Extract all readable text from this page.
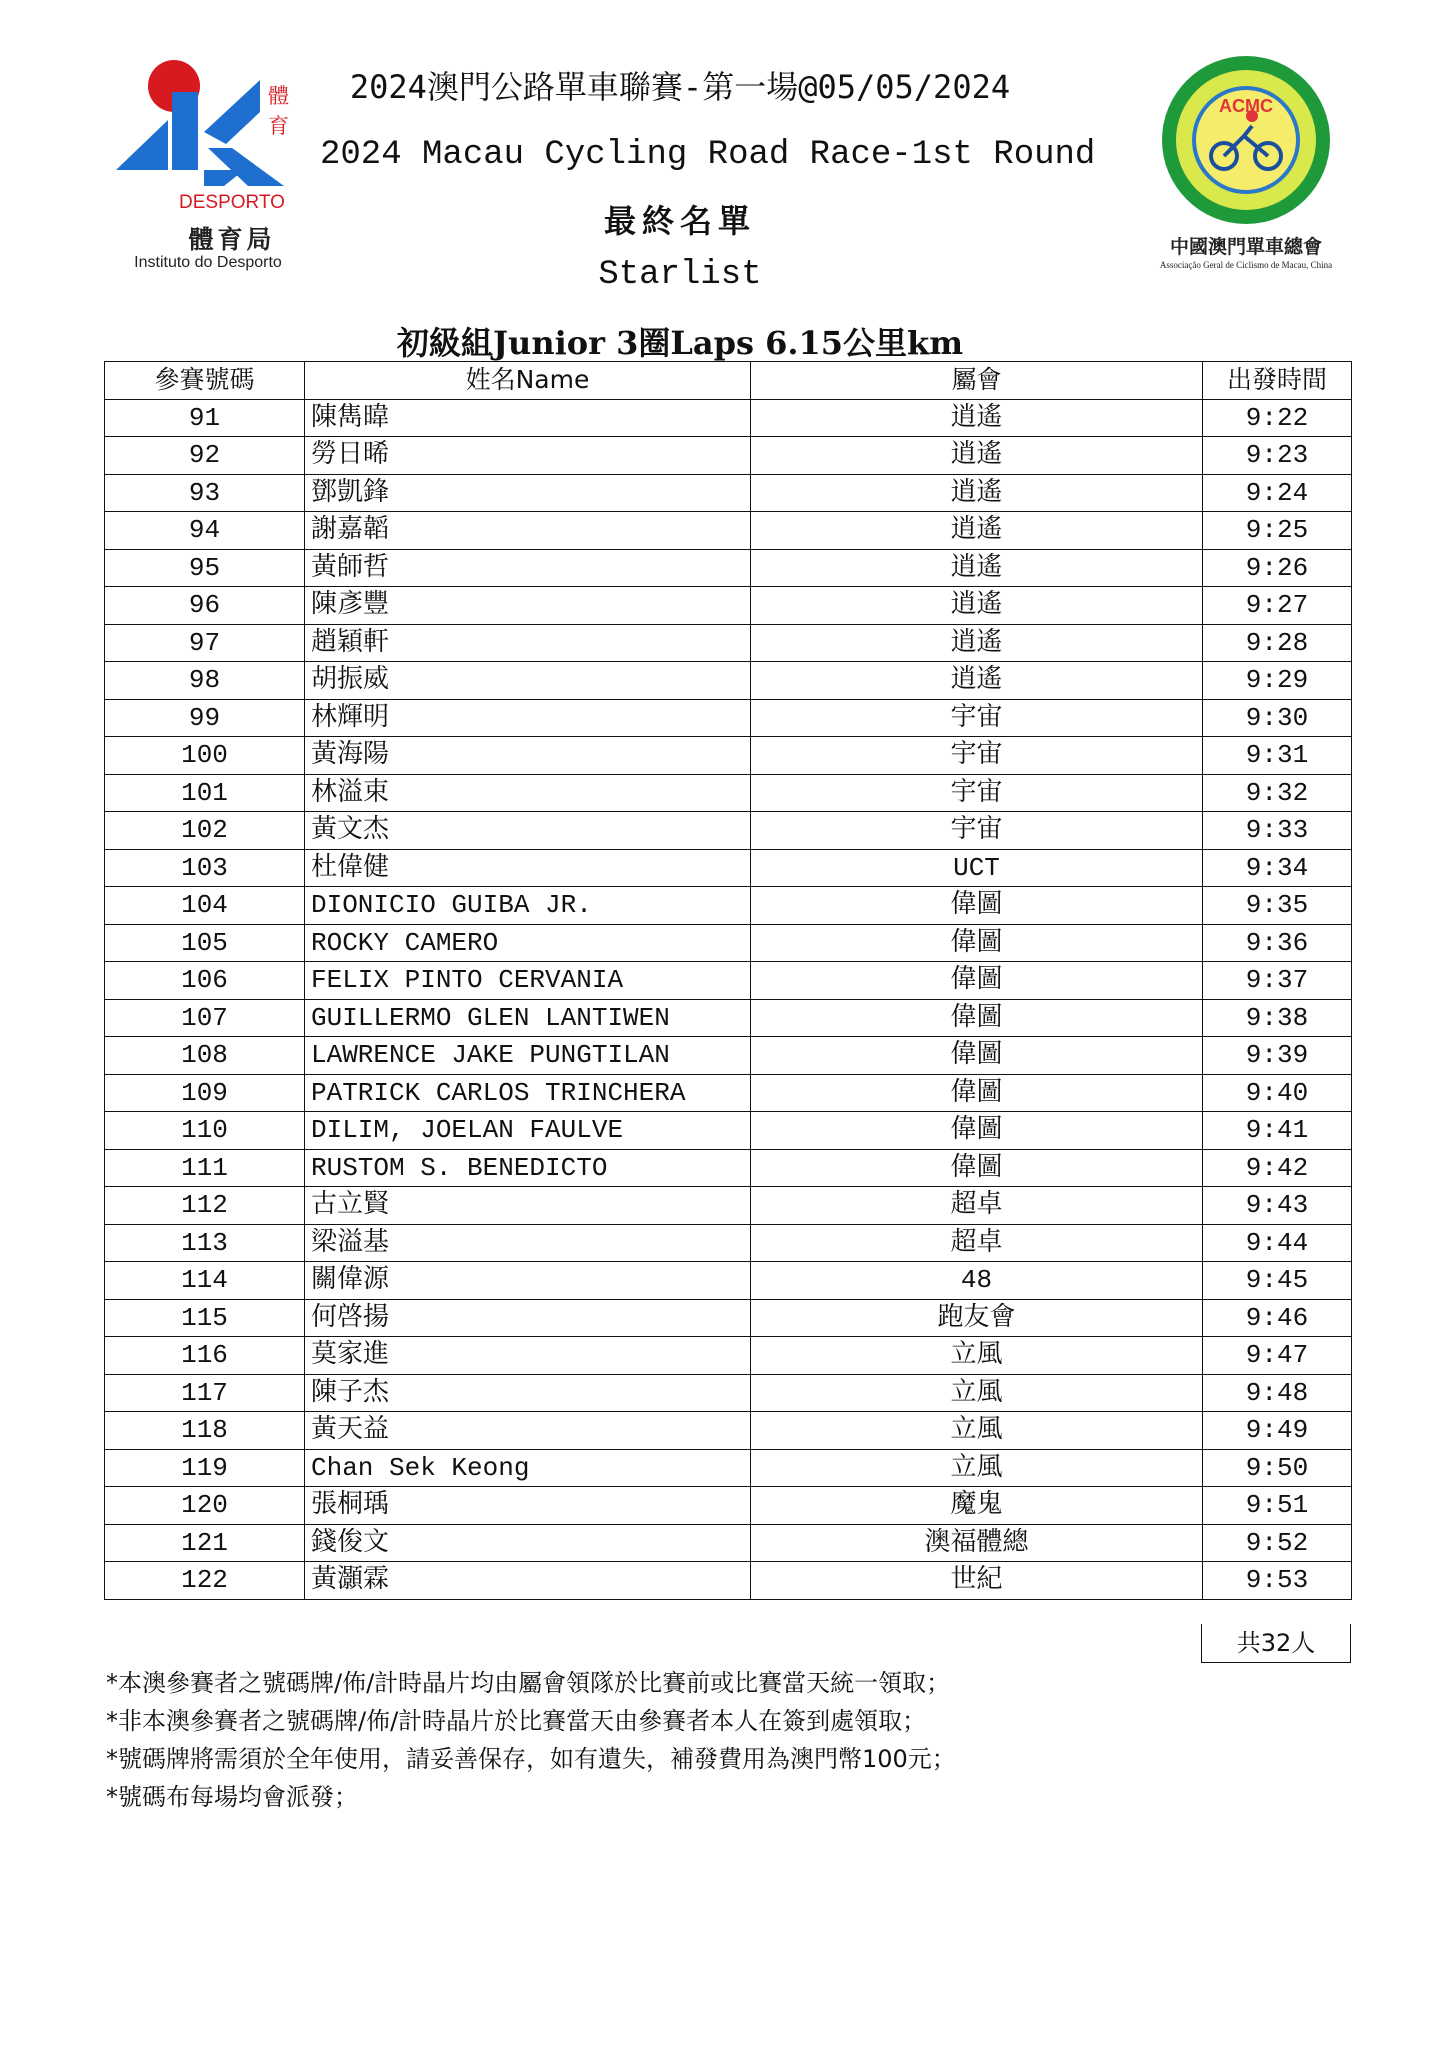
體
育
DESPORTO
體育局
Instituto do Desporto
2024澳門公路單車聯賽-第一場@05/05/2024
2024 Macau Cycling Road Race-1st Round
最終名單
Starlist
ACMC
中國澳門單車總會
Associação Geral de Ciclismo de Macau, China
初級組Junior 3圈Laps 6.15公里km
參賽號碼	姓名Name	屬會	出發時間
91	陳雋暐	逍遙	9:22
92	勞日晞	逍遙	9:23
93	鄧凱鋒	逍遙	9:24
94	謝嘉韜	逍遙	9:25
95	黃師哲	逍遙	9:26
96	陳彥豐	逍遙	9:27
97	趙穎軒	逍遙	9:28
98	胡振威	逍遙	9:29
99	林輝明	宇宙	9:30
100	黃海陽	宇宙	9:31
101	林溢束	宇宙	9:32
102	黃文杰	宇宙	9:33
103	杜偉健	UCT	9:34
104	DIONICIO GUIBA JR.	偉圖	9:35
105	ROCKY CAMERO	偉圖	9:36
106	FELIX PINTO CERVANIA	偉圖	9:37
107	GUILLERMO GLEN LANTIWEN	偉圖	9:38
108	LAWRENCE JAKE PUNGTILAN	偉圖	9:39
109	PATRICK CARLOS TRINCHERA	偉圖	9:40
110	DILIM, JOELAN FAULVE	偉圖	9:41
111	RUSTOM S. BENEDICTO	偉圖	9:42
112	古立賢	超卓	9:43
113	梁溢基	超卓	9:44
114	關偉源	48	9:45
115	何啓揚	跑友會	9:46
116	莫家進	立風	9:47
117	陳子杰	立風	9:48
118	黃天益	立風	9:49
119	Chan Sek Keong	立風	9:50
120	張桐瑀	魔鬼	9:51
121	錢俊文	澳福體總	9:52
122	黃灝霖	世紀	9:53
共32人
*本澳參賽者之號碼牌/佈/計時晶片均由屬會領隊於比賽前或比賽當天統一領取；
*非本澳參賽者之號碼牌/佈/計時晶片於比賽當天由參賽者本人在簽到處領取；
*號碼牌將需須於全年使用，請妥善保存，如有遺失，補發費用為澳門幣100元；
*號碼布每場均會派發；
